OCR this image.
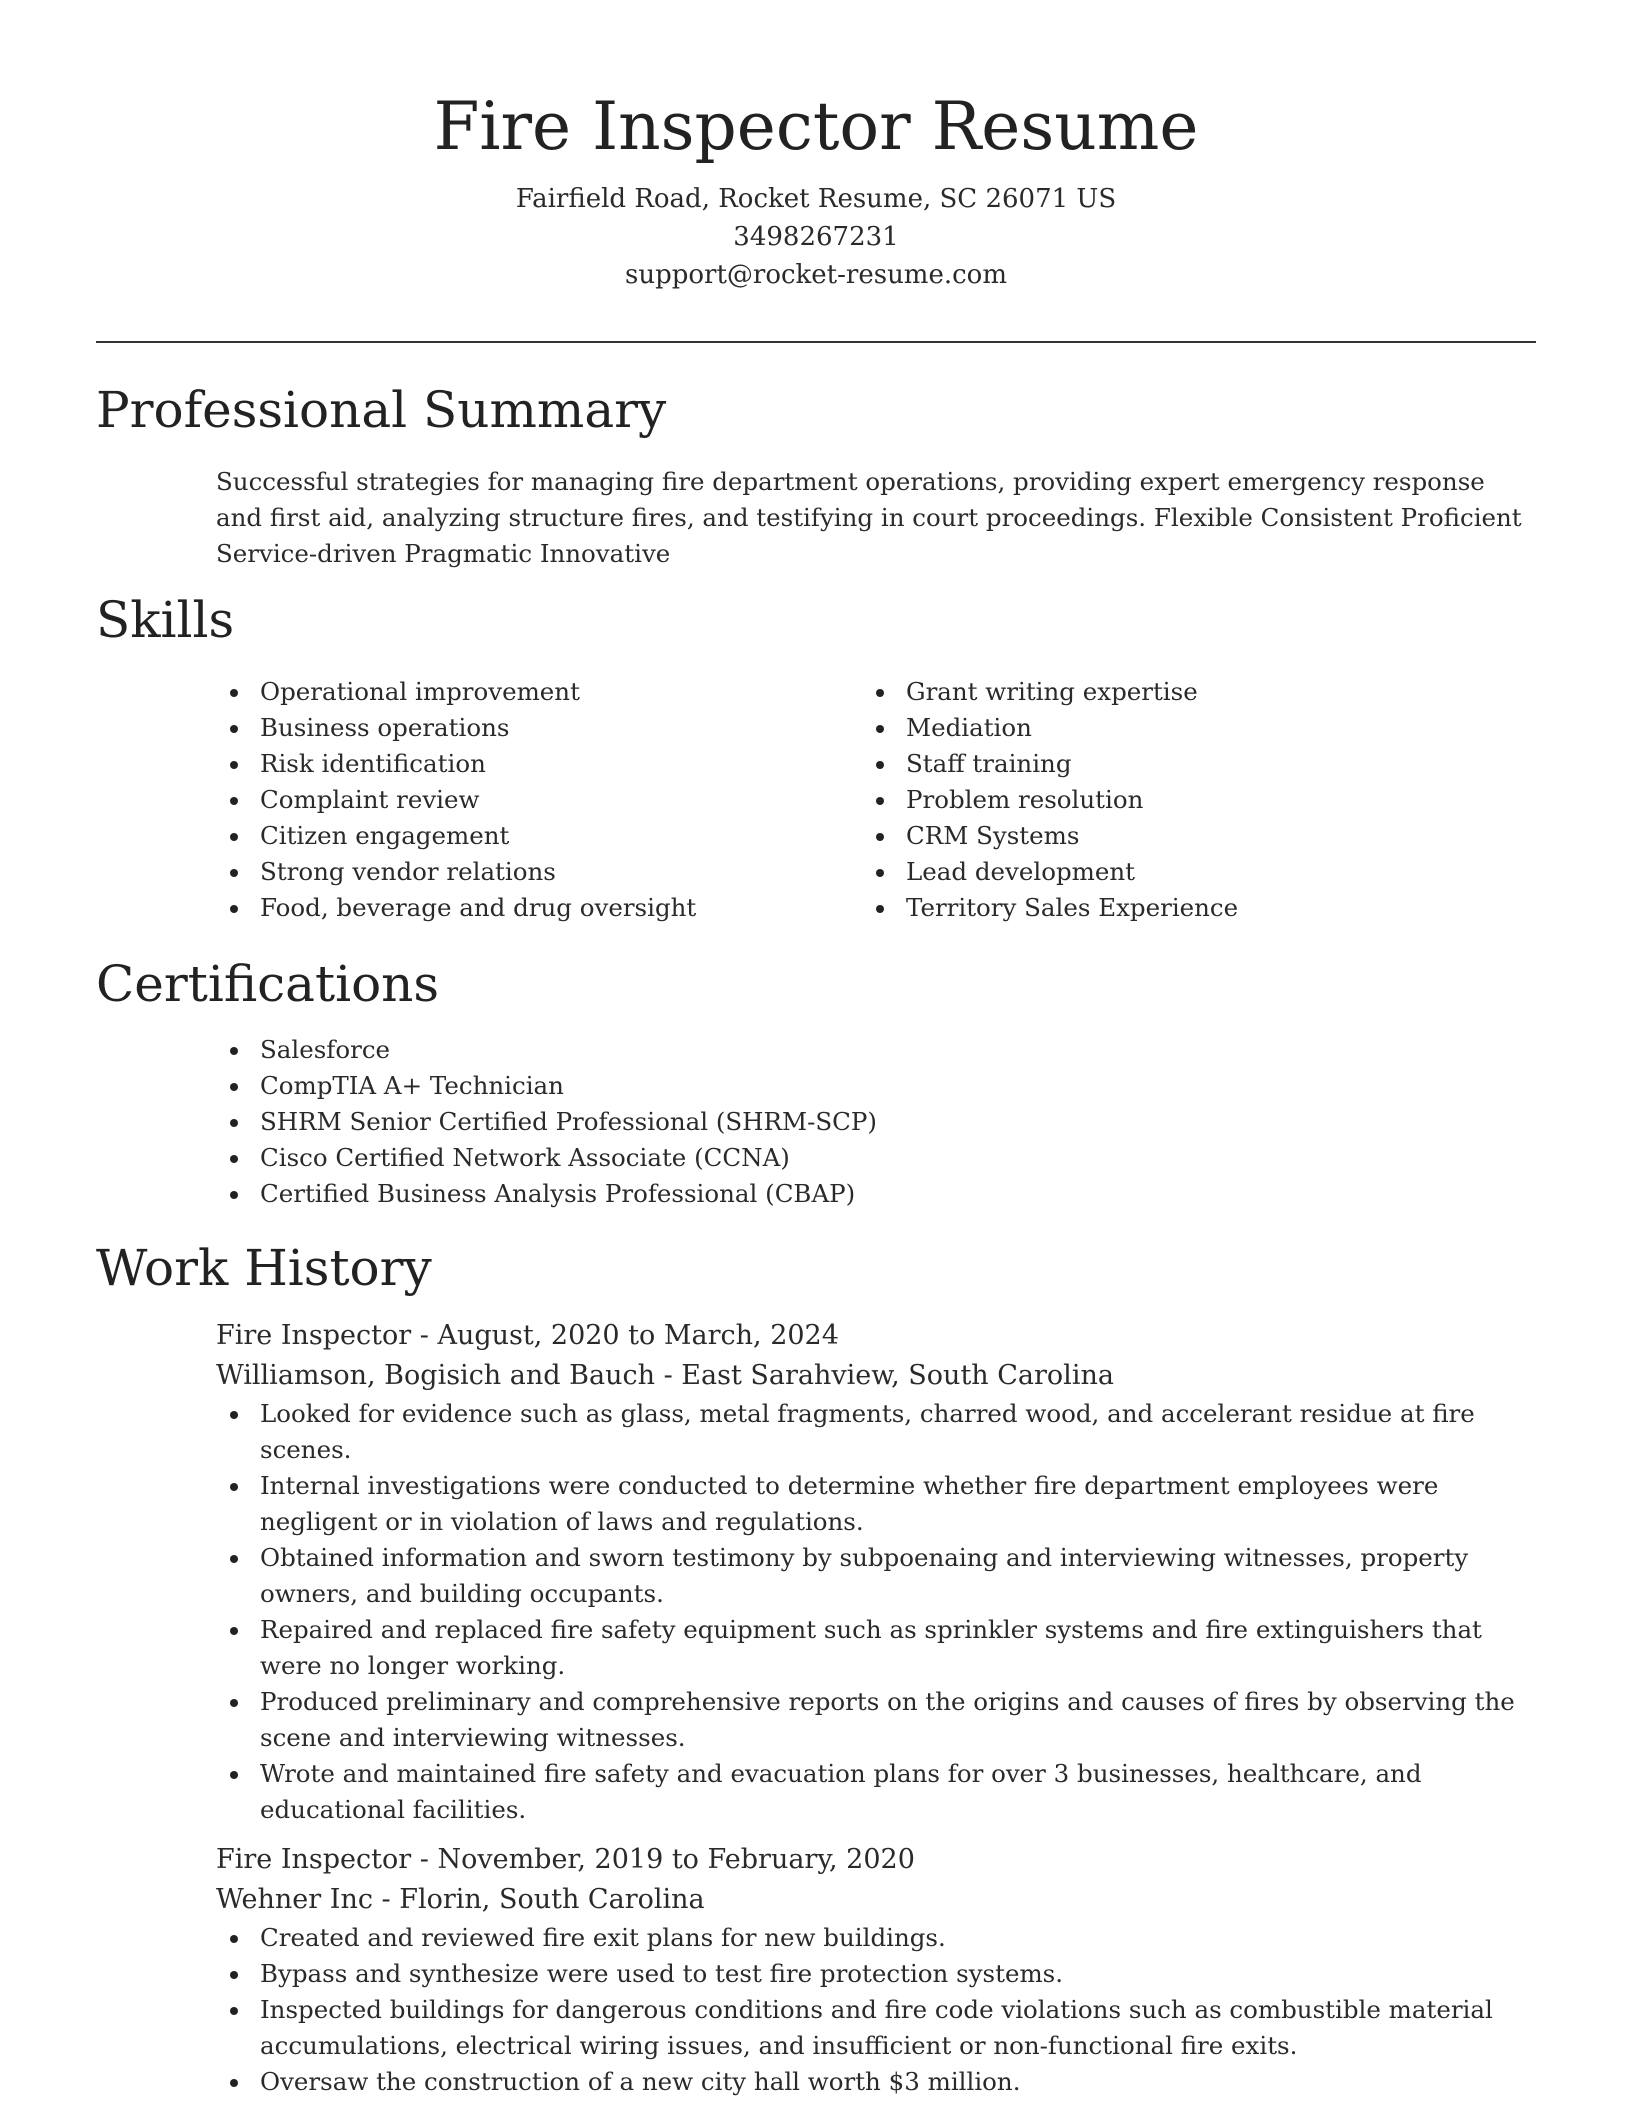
Fire Inspector Resume
Fairfield Road, Rocket Resume, SC 26071 US
3498267231
support@rocket-resume.com
Professional Summary

Successful strategies for managing fire department operations, providing expert emergency response and first aid, analyzing structure fires, and testifying in court proceedings. Flexible Consistent Proficient Service-driven Pragmatic Innovative

Skills
Operational improvement
Business operations
Risk identification
Complaint review
Citizen engagement
Strong vendor relations
Food, beverage and drug oversight
Grant writing expertise
Mediation
Staff training
Problem resolution
CRM Systems
Lead development
Territory Sales Experience
Certifications
Salesforce
CompTIA A+ Technician
SHRM Senior Certified Professional (SHRM-SCP)
Cisco Certified Network Associate (CCNA)
Certified Business Analysis Professional (CBAP)
Work History
Fire Inspector - August, 2020 to March, 2024
Williamson, Bogisich and Bauch - East Sarahview, South Carolina
Looked for evidence such as glass, metal fragments, charred wood, and accelerant residue at fire scenes.
Internal investigations were conducted to determine whether fire department employees were negligent or in violation of laws and regulations.
Obtained information and sworn testimony by subpoenaing and interviewing witnesses, property owners, and building occupants.
Repaired and replaced fire safety equipment such as sprinkler systems and fire extinguishers that were no longer working.
Produced preliminary and comprehensive reports on the origins and causes of fires by observing the scene and interviewing witnesses.
Wrote and maintained fire safety and evacuation plans for over 3 businesses, healthcare, and educational facilities.
Fire Inspector - November, 2019 to February, 2020
Wehner Inc - Florin, South Carolina
Created and reviewed fire exit plans for new buildings.
Bypass and synthesize were used to test fire protection systems.
Inspected buildings for dangerous conditions and fire code violations such as combustible material accumulations, electrical wiring issues, and insufficient or non-functional fire exits.
Oversaw the construction of a new city hall worth $3 million.
